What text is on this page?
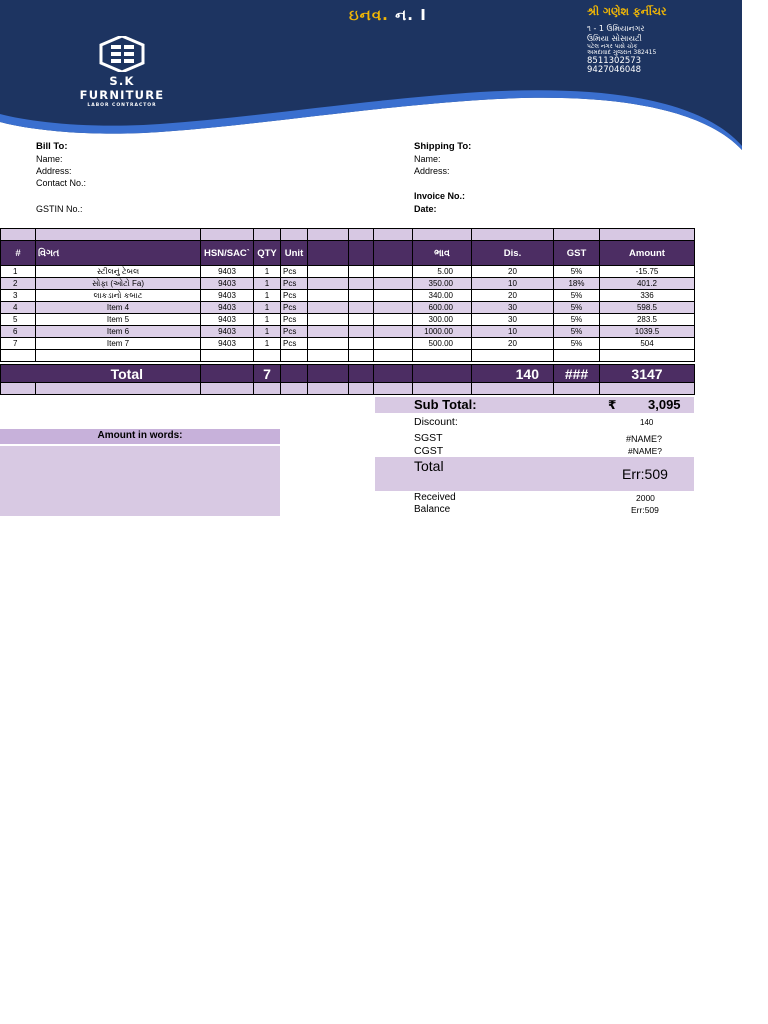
S.K FURNITURE
LABOR CONTRACTOR
ઇનવ. ન. I	શ્રી ગણેશ ફર્નીચર
૧ - 1 ઉમિયાનગર
ઉમિયા સોસાયટી
પટેલ નગર પાસે ચોક
અમદાવાદ ગુજરાત 382415
8511302573
9427046048
Bill To:
Name:
Address:
Contact No.:
GSTIN No.:
Shipping To:
Name:
Address:
Invoice No.:
Date:

#	વિગત	HSN/SAC`	QTY	Unit				ભાવ	Dis.	GST	Amount
1	સ્ટીલનું ટેબલ	9403	1	Pcs				5.00	20	5%	-15.75
2	સોફા (ઓટો Fa)	9403	1	Pcs				350.00	10	18%	401.2
3	લાકડાનો કબાટ	9403	1	Pcs				340.00	20	5%	336
4	Item 4	9403	1	Pcs				600.00	30	5%	598.5
5	Item 5	9403	1	Pcs				300.00	30	5%	283.5
6	Item 6	9403	1	Pcs				1000.00	10	5%	1039.5
7	Item 7	9403	1	Pcs				500.00	20	5%	504

Total			7						140	###	3147

Amount in words:
Sub Total:	₹ 3,095
Discount:	140
SGST	#NAME?
CGST	#NAME?
Total	Err:509
Received	2000
Balance	Err:509
